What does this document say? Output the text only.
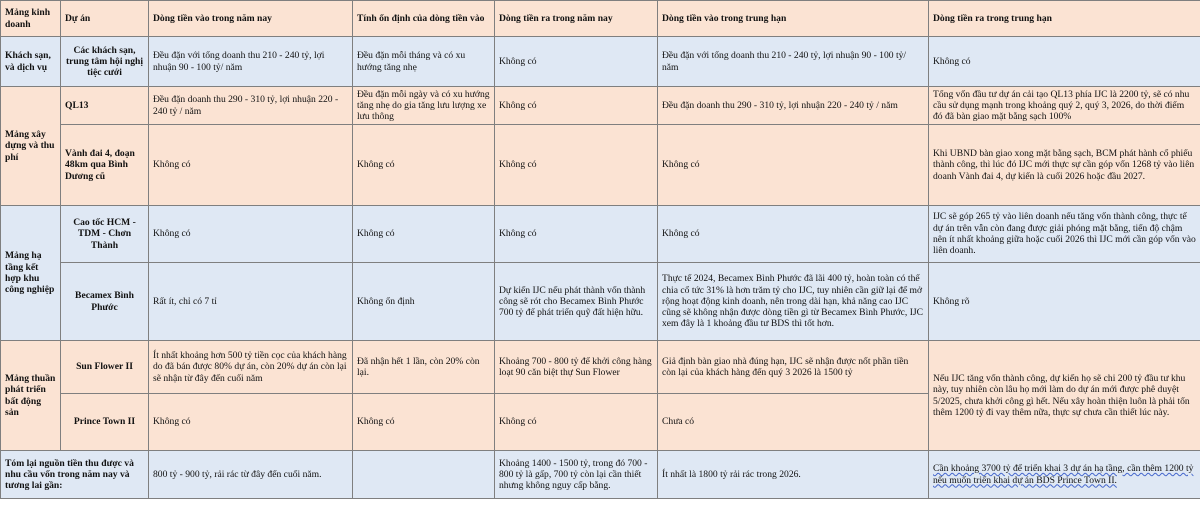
Mảng kinh doanh	Dự án	Dòng tiền vào trong năm nay	Tính ổn định của dòng tiền vào	Dòng tiền ra trong năm nay	Dòng tiền vào trong trung hạn	Dòng tiền ra trong trung hạn
Khách sạn, và dịch vụ	Các khách sạn, trung tâm hội nghị tiệc cưới	Đều đặn với tổng doanh thu 210 - 240 tỷ, lợi nhuận 90 - 100 tỷ/ năm	Đều đặn mỗi tháng và có xu hướng tăng nhẹ	Không có	Đều đặn với tổng doanh thu 210 - 240 tỷ, lợi nhuận 90 - 100 tỷ/ năm	Không có
Mảng xây dựng và thu phí	QL13	Đều đặn doanh thu 290 - 310 tỷ, lợi nhuận 220 - 240 tỷ / năm	Đều đặn mỗi ngày và có xu hướng tăng nhẹ do gia tăng lưu lượng xe lưu thông	Không có	Đều đặn doanh thu 290 - 310 tỷ, lợi nhuận 220 - 240 tỷ / năm	Tổng vốn đầu tư dự án cải tạo QL13 phía IJC là 2200 tỷ, sẽ có nhu cầu sử dụng mạnh trong khoảng quý 2, quý 3, 2026, do thời điểm đó đã bàn giao mặt bằng sạch 100%
	Vành đai 4, đoạn 48km qua Bình Dương cũ	Không có	Không có	Không có	Không có	Khi UBND bàn giao xong mặt bằng sạch, BCM phát hành cổ phiếu thành công, thì lúc đó IJC mới thực sự cần góp vốn 1268 tỷ vào liên doanh Vành đai 4, dự kiến là cuối 2026 hoặc đầu 2027.
Mảng hạ tầng kết hợp khu công nghiệp	Cao tốc HCM - TDM - Chơn Thành	Không có	Không có	Không có	Không có	IJC sẽ góp 265 tỷ vào liên doanh nếu tăng vốn thành công, thực tế dự án trên vẫn còn đang được giải phóng mặt bằng, tiến độ chậm nên ít nhất khoảng giữa hoặc cuối 2026 thì IJC mới cần góp vốn vào liên doanh.
	Becamex Bình Phước	Rất ít, chỉ có 7 tỉ	Không ổn định	Dự kiến IJC nếu phát thành vốn thành công sẽ rót cho Becamex Bình Phước 700 tỷ để phát triển quỹ đất hiện hữu.	Thực tế 2024, Becamex Bình Phước đã lãi 400 tỷ, hoàn toàn có thể chia cổ tức 31% là hơn trăm tỷ cho IJC, tuy nhiên cần giữ lại để mở rộng hoạt động kinh doanh, nên trong dài hạn, khả năng cao IJC cũng sẽ không nhận được dòng tiền gì từ Becamex Bình Phước, IJC xem đây là 1 khoảng đầu tư BDS thì tốt hơn.	Không rõ
Mảng thuần phát triển bất động sản	Sun Flower II	Ít nhất khoảng hơn 500 tỷ tiền cọc của khách hàng do đã bán được 80% dự án, còn 20% dự án còn lại sẽ nhận từ đây đến cuối năm	Đã nhận hết 1 lần, còn 20% còn lại.	Khoảng 700 - 800 tỷ để khởi công hàng loạt 90 căn biệt thự Sun Flower	Giả định bàn giao nhà đúng hạn, IJC sẽ nhận được nốt phần tiền còn lại của khách hàng đến quý 3 2026 là 1500 tỷ	Nếu IJC tăng vốn thành công, dự kiến họ sẽ chi 200 tỷ đầu tư khu này, tuy nhiên còn lâu họ mới làm do dự án mới được phê duyệt 5/2025, chưa khởi công gì hết. Nếu xây hoàn thiện luôn là phải tốn thêm 1200 tỷ đi vay thêm nữa, thực sự chưa cần thiết lúc này.
	Prince Town II	Không có	Không có	Không có	Chưa có	
Tóm lại nguồn tiền thu được và nhu cầu vốn trong năm nay và tương lai gần:		800 tỷ - 900 tỷ, rải rác từ đây đến cuối năm.		Khoảng 1400 - 1500 tỷ, trong đó 700 - 800 tỷ là gấp, 700 tỷ còn lại cần thiết nhưng không nguy cấp bằng.	Ít nhất là 1800 tỷ rải rác trong 2026.	Cần khoảng 3700 tỷ để triển khai 3 dự án hạ tầng, cần thêm 1200 tỷ nếu muốn triển khai dự án BDS Prince Town II.
